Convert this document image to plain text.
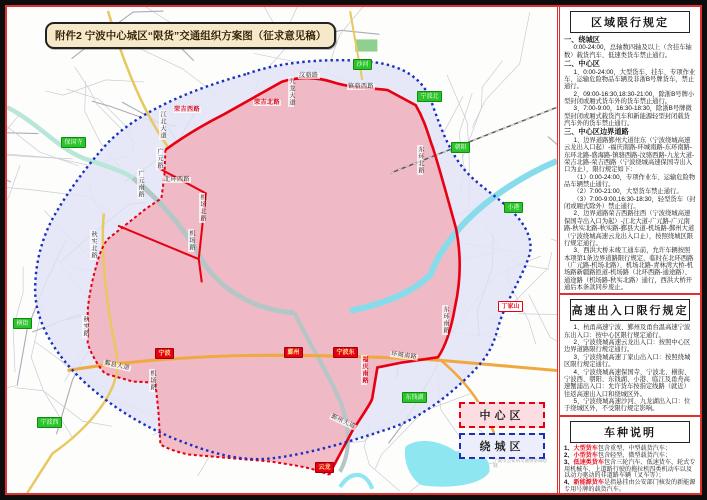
荣吉西路
荣吉北路
汶骆路
镇骆西路
九龙大道
江北大道
广元路
广元南路	北环西路
机场北路
机场路
秋实北路
秋实路
机场路
鄞县大道
鄞州大道
福庆南路	环城南路
东环南路
东环北路
保国寺
沙河
宁波北
朝阳
小港
东钱湖
宁波西
横街
宁波	鄞州	宁波东
云龙
丁家山
中心区
绕城区
宁波市公安局交通警察局绘制
附件2 宁波中心城区“限货”交通组织方案图（征求意见稿）
区域限行规定
一、绕城区
0:00-24:00，总轴数四轴及以上（含挂车轴数）载货汽车、低速类货车禁止通行。
二、中心区
1、0:00-24:00，大型货车、挂车、专项作业车、运输危险物品车辆及非浙B号牌货车，禁止通行。
2、09:00-16:30,18:30-21:00，除浙B号牌小型封闭或厢式货车外的货车禁止通行。
3、7:00-9:00，16:30-18:30，除浙B号牌微型封闭或厢式载货汽车和新能源轻型封闭载货汽车外的货车禁止通行。
三、中心区边界道路
1、边界道路鄞州大道往东（宁波绕城高速云龙出入口起）-福庆南路-环城南路-东环南路-东环北路-盛海路-镇骆西路-汶骆西路-九龙大道-荣吉北路-荣吉西路（宁波绕城高速保国寺出入口为止），限行规定如下：
（1）0:00-24:00，专项作业车、运输危险物品车辆禁止通行。
（2）7:00-21:00，大型货车禁止通行。
（3）7:00-9:00,16:30-18:30，轻型货车（封闭或厢式除外）禁止通行。
2、边界道路荣吉西路往西（宁波绕城高速保国寺出入口为起）-江北大道-广元路-广元南路-秋实北路-秋实路-鄞县大道-机场路-鄞州大道（宁波绕城高速云龙出入口止），按照绕城区限行规定通行。
3、西洪大桥未竣工通车前，允许车辆按照本项第1条边界道路限行规定，临时在北环西路（广元路-机场北路）、机场北路-青林湾大桥-机场路新疆路匝道-机场路（北环西路-通途路）、通途路（机场路-秋实北路）通行，西洪大桥开通后本条款同步废止。
高速出入口限行规定
1、杭甬高速宁波、鄞州及甬台温高速宁波东出入口：按中心区限行规定通行。
2、宁波绕城高速云龙出入口：按照中心区边界道路限行规定通行。
3、宁波绕城高速丁家山出入口：按照绕城区限行规定通行。
4、宁波绕城高速保国寺、宁波北、横街、宁波西、朝阳、东钱湖、小港、临江及甬舟高速蟹浦出入口：允许货车按指定线路（就近）往返高速出入口和绕城区外。
5、宁波绕城高速沙河、九龙湖出入口：位于绕城区外，不受限行规定影响。
车种说明
1、大型货车包含重型、中型载货汽车；
2、小型货车包含轻型、微型载货汽车；
3、低速类货车包含三轮汽车、低速货车、轮式专用机械车、上道路行驶的拖拉机四类机动车以及以动力驱动的非道路车辆（叉车等）；
4、新能源货车是指悬挂由公安部门核发的新能源专用号牌的载货汽车。
